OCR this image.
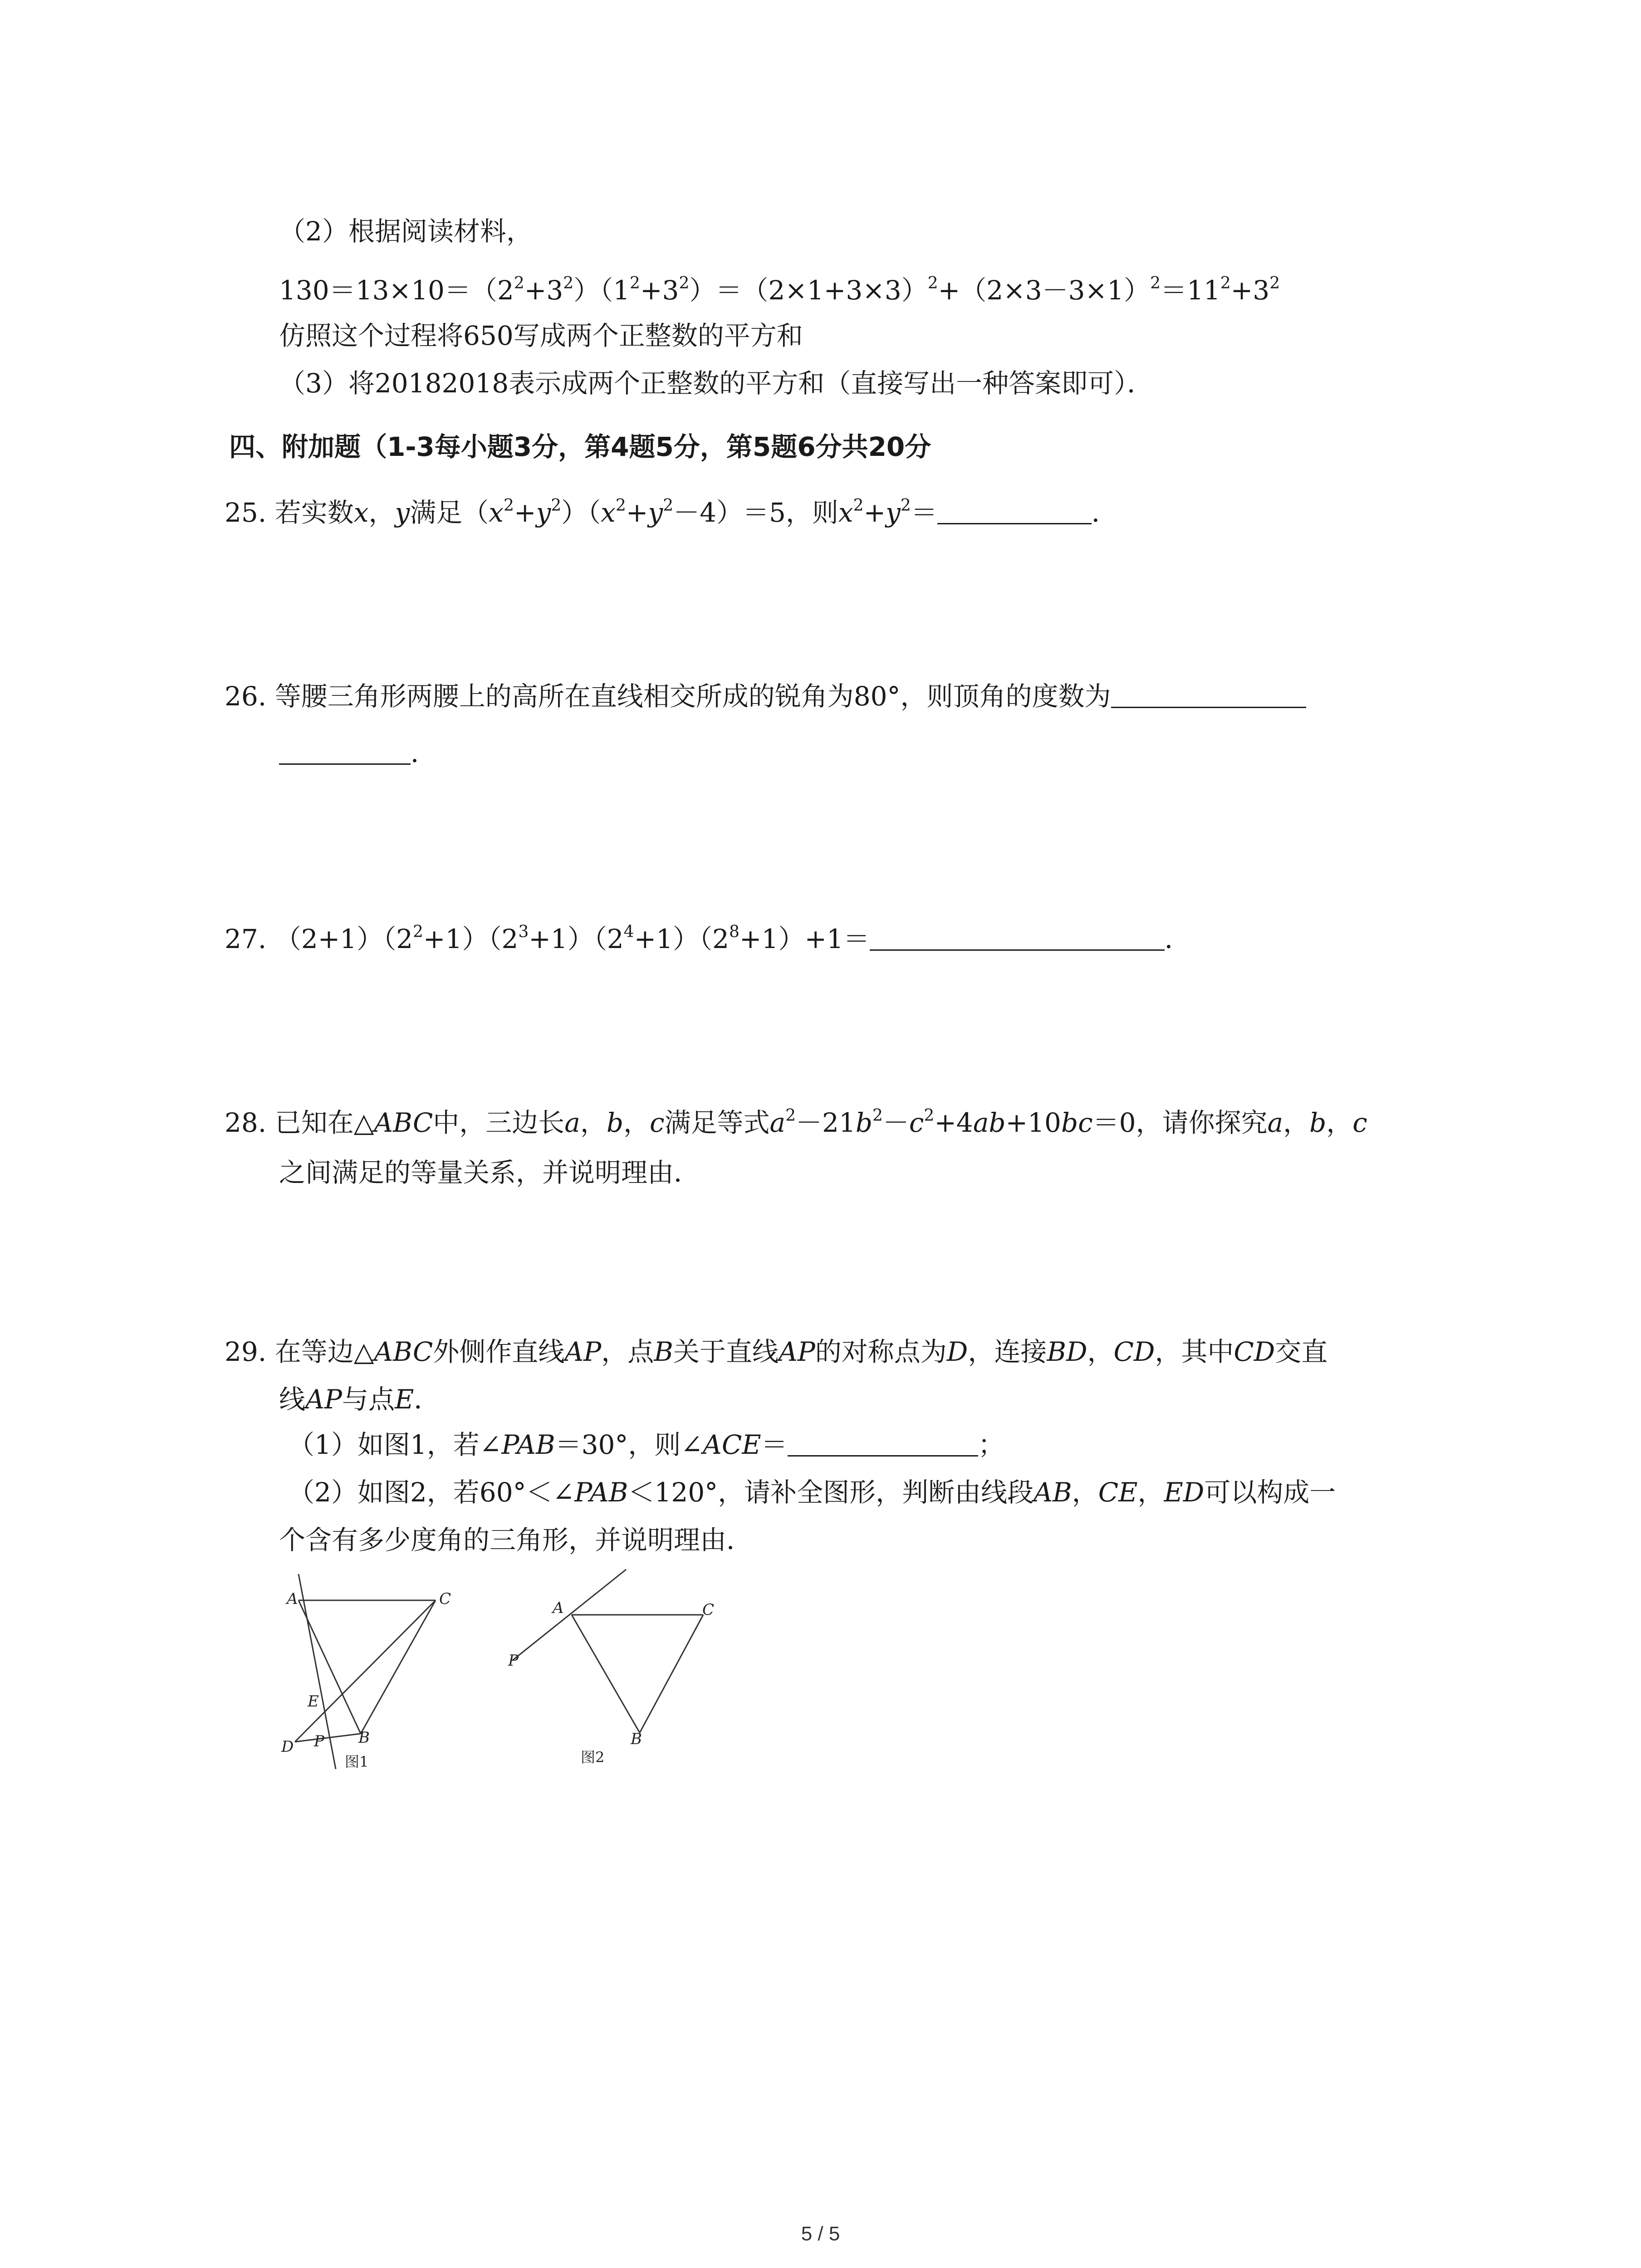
（2）根据阅读材料，
$130=13\times 10=(2^2+3^2)(1^2+3^2)=(2\times 1+3\times 3)^2+(2\times 3-3\times 1)^2=11^2+3^2$
仿照这个过程将650写成两个正整数的平方和
（3）将20182018表示成两个正整数的平方和（直接写出一种答案即可）．
四、附加题（1-3每小题3分，第4题5分，第5题6分共20分
25. 若实数x，y满足$(x^2+y^2)(x^2+y^2-4)=5$，则$x^2+y^2=$	．
26. 等腰三角形两腰上的高所在直线相交所成的锐角为80°，则顶角的度数为
．
27. $(2+1)(2^2+1)(2^3+1)(2^4+1)(2^8+1)+1=$	．
28. 已知在△ABC中，三边长a，b，c满足等式$a^2-21b^2-c^2+4ab+10bc=0$，请你探究a，b，c
之间满足的等量关系，并说明理由．
29. 在等边△ABC外侧作直线AP，点B关于直线AP的对称点为D，连接BD，CD，其中CD交直
线AP与点E．
（1）如图1，若∠PAB＝30°，则∠ACE＝	；
（2）如图2，若60°＜∠PAB＜120°，请补全图形，判断由线段AB，CE，ED可以构成一
个含有多少度角的三角形，并说明理由．
A	C
E
D P B
图1
A	C
P
B
图2
5 / 5
